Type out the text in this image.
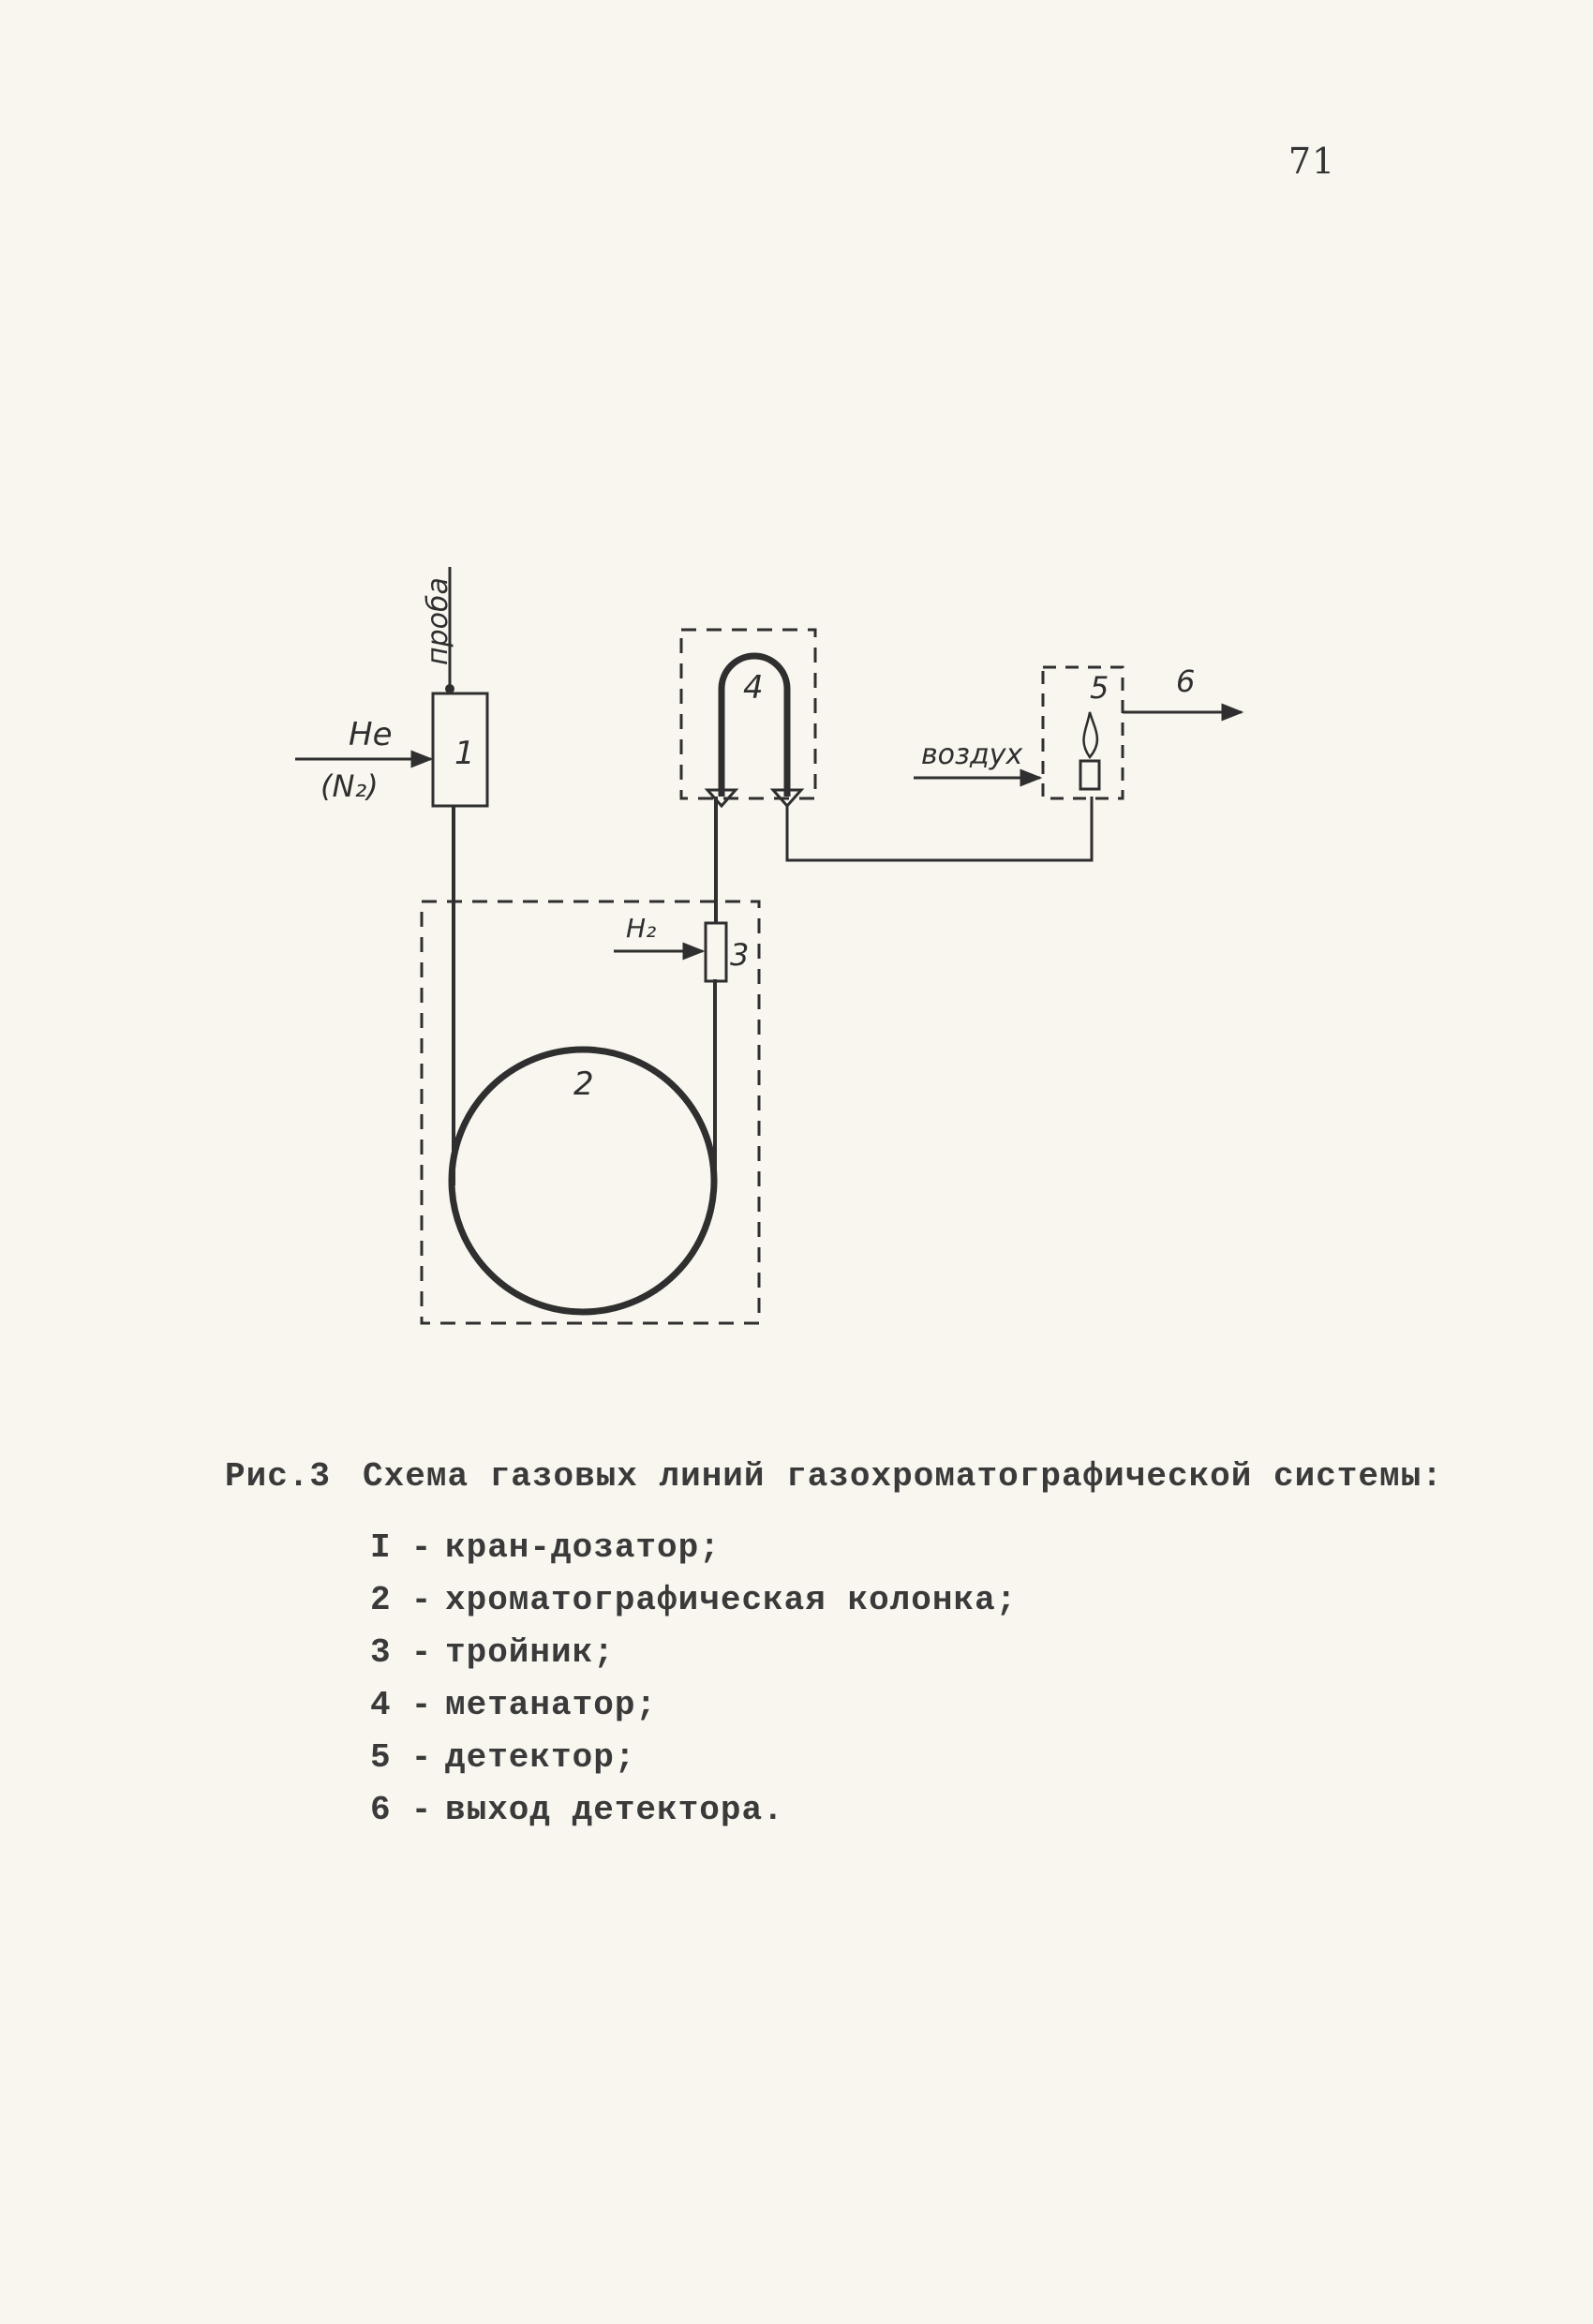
71
проба
1
He
(N₂)
2
3
H₂
4	5
воздух
6
Рис.3 Схема газовых линий газохроматографической системы:
I - кран-дозатор;
2 - хроматографическая колонка;
3 - тройник;
4 - метанатор;
5 - детектор;
6 - выход детектора.
